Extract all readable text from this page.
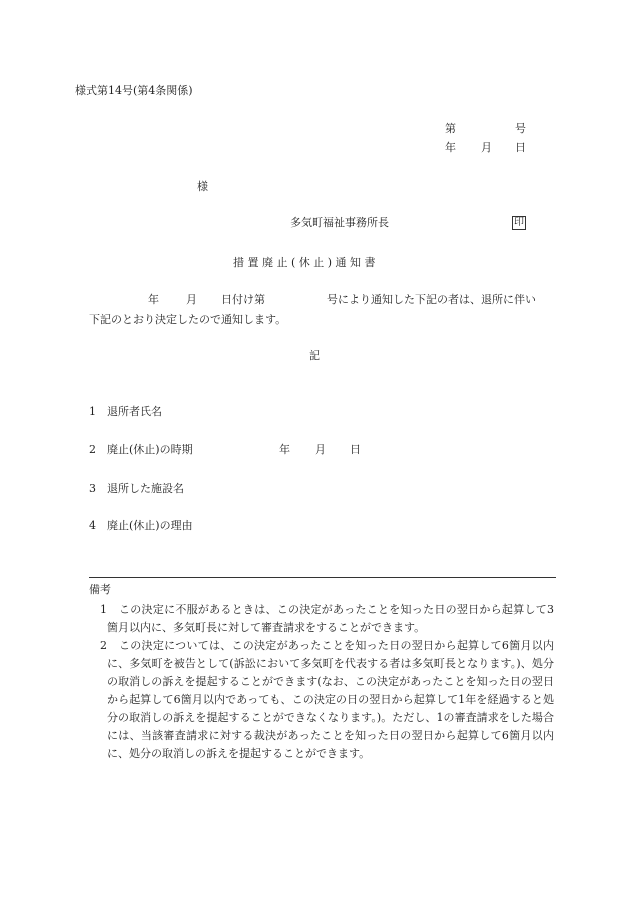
様式第14号(第4条関係)
第	号
年 月 日
様
多気町福祉事務所長	印
措 置 廃 止 ( 休 止 ) 通 知 書
年 月 日付け第	号により通知した下記の者は、退所に伴い
下記のとおり決定したので通知します。
記
1 退所者氏名
2 廃止(休止)の時期	年 月 日
3 退所した施設名
4 廃止(休止)の理由
備考
1	この決定に不服があるときは、この決定があったことを知った日の翌日から起算して3箇月以内に、多気町長に対して審査請求をすることができます。
2	この決定については、この決定があったことを知った日の翌日から起算して6箇月以内に、多気町を被告として(訴訟において多気町を代表する者は多気町長となります。)、処分の取消しの訴えを提起することができます(なお、この決定があったことを知った日の翌日から起算して6箇月以内であっても、この決定の日の翌日から起算して1年を経過すると処分の取消しの訴えを提起することができなくなります。)。ただし、1の審査請求をした場合には、当該審査請求に対する裁決があったことを知った日の翌日から起算して6箇月以内に、処分の取消しの訴えを提起することができます。
